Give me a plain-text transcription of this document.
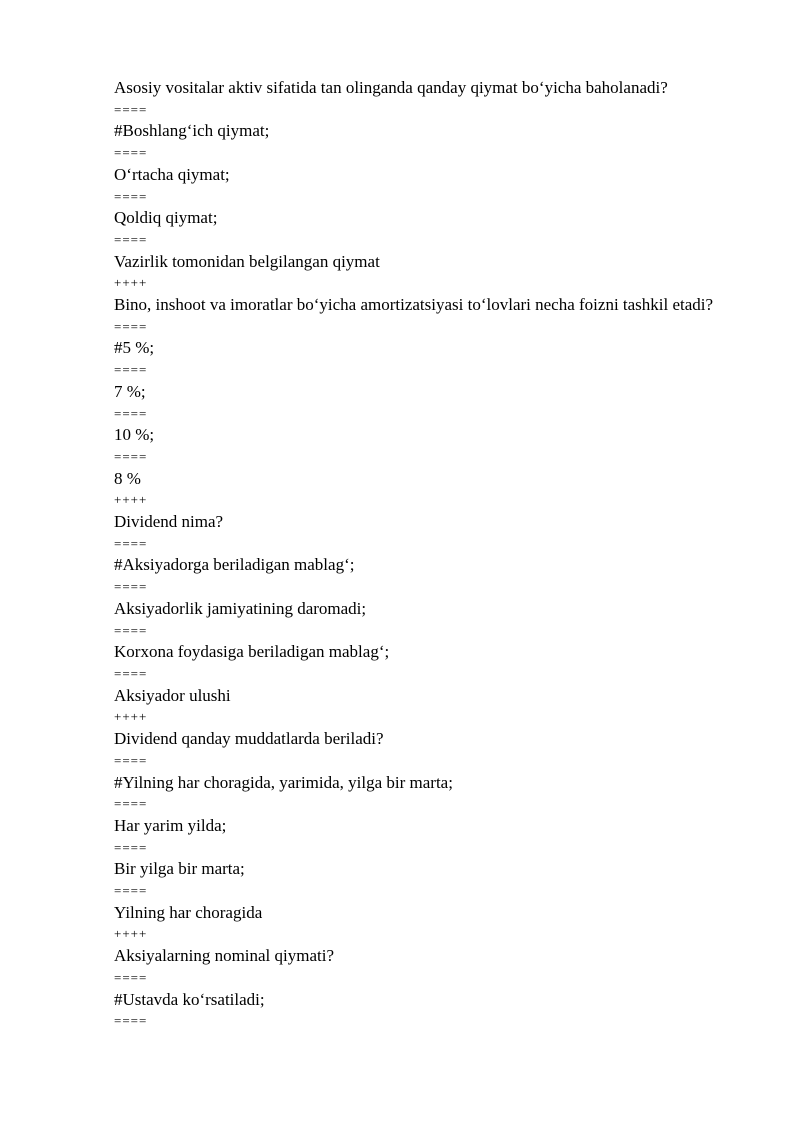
Asosiy vositalar aktiv sifatida tan olinganda qanday qiymat bo‘yicha baholanadi?
====
#Boshlang‘ich qiymat;
====
O‘rtacha qiymat;
====
Qoldiq qiymat;
====
Vazirlik tomonidan belgilangan qiymat
++++
Bino, inshoot va imoratlar bo‘yicha amortizatsiyasi to‘lovlari necha foizni tashkil etadi?
====
#5 %;
====
7 %;
====
10 %;
====
8 %
++++
Dividend nima?
====
#Aksiyadorga beriladigan mablag‘;
====
Aksiyadorlik jamiyatining daromadi;
====
Korxona foydasiga beriladigan mablag‘;
====
Aksiyador ulushi
++++
Dividend qanday muddatlarda beriladi?
====
#Yilning har choragida, yarimida, yilga bir marta;
====
Har yarim yilda;
====
Bir yilga bir marta;
====
Yilning har choragida
++++
Aksiyalarning nominal qiymati?
====
#Ustavda ko‘rsatiladi;
====
